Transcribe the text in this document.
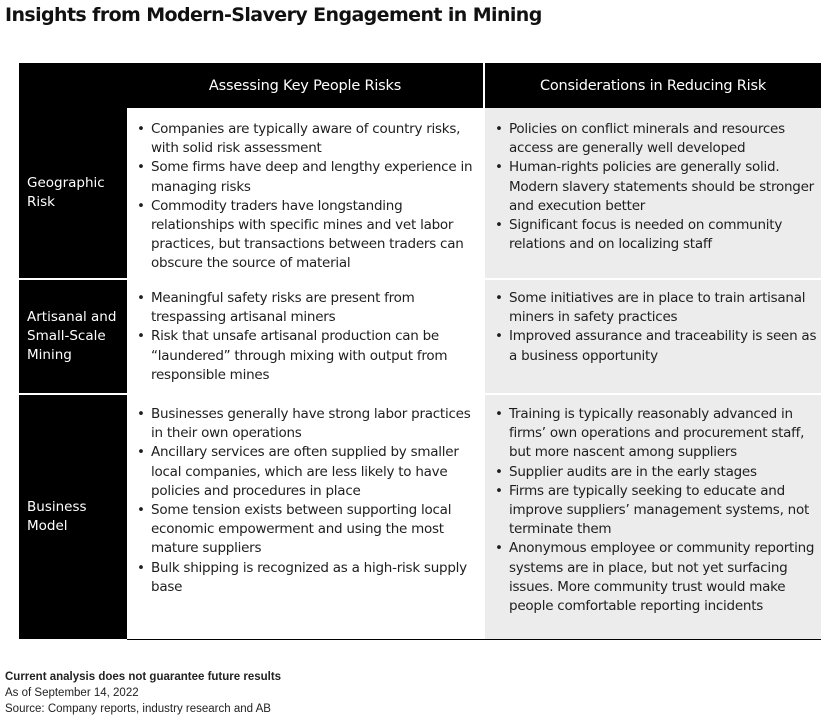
Insights from Modern-Slavery Engagement in Mining
Assessing Key People Risks	Considerations in Reducing Risk
Geographic Risk
• Companies are typically aware of country risks, with solid risk assessment
• Some firms have deep and lengthy experience in managing risks
• Commodity traders have longstanding relationships with specific mines and vet labor practices, but transactions between traders can obscure the source of material
• Policies on conflict minerals and resources access are generally well developed
• Human-rights policies are generally solid. Modern slavery statements should be stronger and execution better
• Significant focus is needed on community relations and on localizing staff
Artisanal and Small-Scale Mining
• Meaningful safety risks are present from trespassing artisanal miners
• Risk that unsafe artisanal production can be “laundered” through mixing with output from responsible mines
• Some initiatives are in place to train artisanal miners in safety practices
• Improved assurance and traceability is seen as a business opportunity
Business Model
• Businesses generally have strong labor practices in their own operations
• Ancillary services are often supplied by smaller local companies, which are less likely to have policies and procedures in place
• Some tension exists between supporting local economic empowerment and using the most mature suppliers
• Bulk shipping is recognized as a high-risk supply base
• Training is typically reasonably advanced in firms’ own operations and procurement staff, but more nascent among suppliers
• Supplier audits are in the early stages
• Firms are typically seeking to educate and improve suppliers’ management systems, not terminate them
• Anonymous employee or community reporting systems are in place, but not yet surfacing issues. More community trust would make people comfortable reporting incidents
Current analysis does not guarantee future results
As of September 14, 2022
Source: Company reports, industry research and AB
